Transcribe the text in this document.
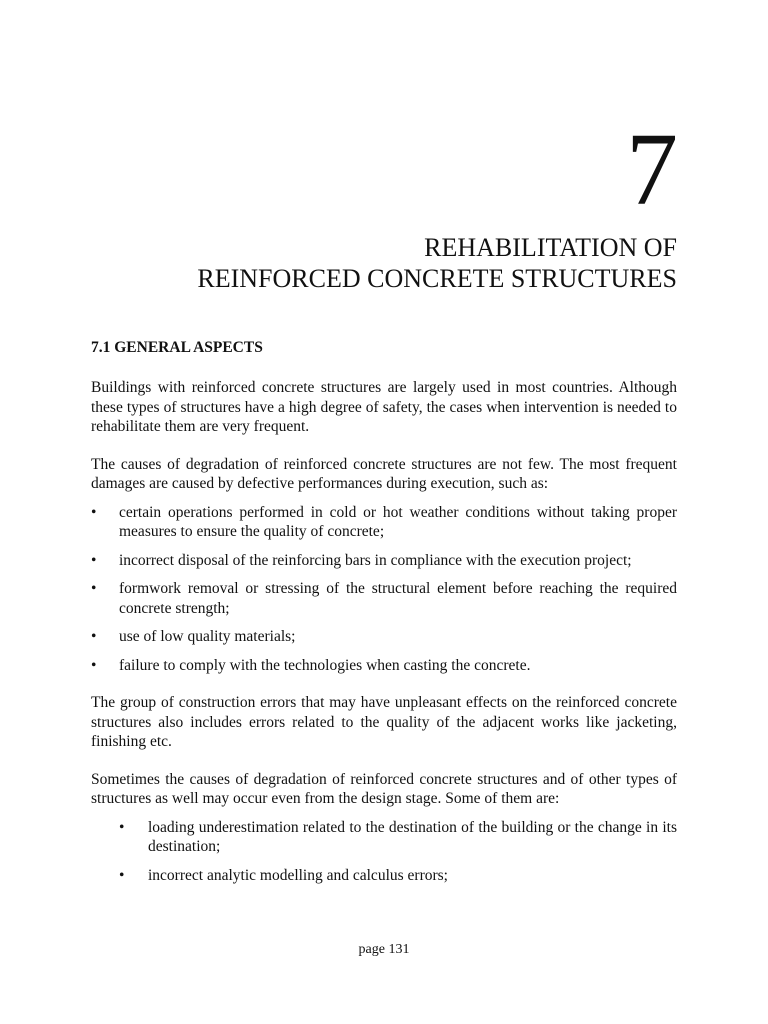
7
REHABILITATION OF
REINFORCED CONCRETE STRUCTURES
7.1 GENERAL ASPECTS

Buildings with reinforced concrete structures are largely used in most countries. Although these types of structures have a high degree of safety, the cases when intervention is needed to rehabilitate them are very frequent.

The causes of degradation of reinforced concrete structures are not few. The most frequent damages are caused by defective performances during execution, such as:

• certain operations performed in cold or hot weather conditions without taking proper measures to ensure the quality of concrete;
• incorrect disposal of the reinforcing bars in compliance with the execution project;
• formwork removal or stressing of the structural element before reaching the required concrete strength;
• use of low quality materials;
• failure to comply with the technologies when casting the concrete.

The group of construction errors that may have unpleasant effects on the reinforced concrete structures also includes errors related to the quality of the adjacent works like jacketing, finishing etc.

Sometimes the causes of degradation of reinforced concrete structures and of other types of structures as well may occur even from the design stage. Some of them are:

• loading underestimation related to the destination of the building or the change in its destination;
• incorrect analytic modelling and calculus errors;
page 131
